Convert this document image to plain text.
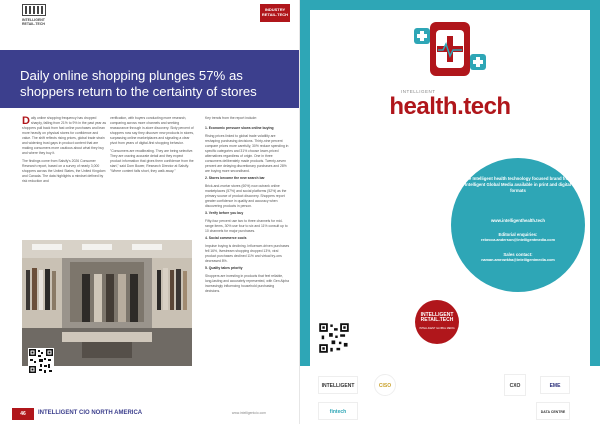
INTELLIGENT
RETAIL.TECH
INDUSTRY
RETAIL.TECH
Daily online shopping plunges 57% as shoppers return to the certainty of stores

Daily online shopping frequency has dropped sharply, falling from 21% to 9% in the past year as shoppers pull back from fast online purchases and lean more heavily on physical stores for confidence and value. The shift reflects rising prices, global trade strain and widening trust gaps in product content that are making consumers more cautious about what they buy and where they buy it.

The findings come from Salsify's 2026 Consumer Research report, based on a survey of nearly 3,000 shoppers across the United States, the United Kingdom and Canada. The data highlights a mindset defined by risk reduction and

verification, with buyers conducting more research, comparing across more channels and seeking reassurance through in-store discovery. Sixty percent of shoppers now say they discover new products in stores, surpassing online marketplaces and signaling a clear pivot from years of digital-first shopping behavior.

"Consumers are recalibrating. They are being selective. They are craving accurate detail and they expect product information that gives them confidence from the start," said Dom Bower, Research Director at Salsify. "Where content falls short, they walk away."

Key trends from the report include:

1. Economic pressure slows online buying

Rising prices linked to global trade volatility are reshaping purchasing decisions. Thirty-nine percent compare prices more carefully, 30% reduce spending in specific categories and 31% choose lower-priced alternatives regardless of origin. One in three consumers deliberately made products. Twenty-seven percent are delaying discretionary purchases and 28% are buying more secondhand.

2. Stores become the new search bar

Brick-and-mortar stores (60%) now outrank online marketplaces (57%) and social platforms (52%) as the primary source of product discovery. Shoppers report greater confidence in quality and accuracy when discovering products in person.

3. Verify before you buy

Fifty-four percent use two to three channels for mid-range items, 30% use four to six and 11% consult up to 10 channels for major purchases.

4. Social commerce cools

Impulse buying is declining. Influencer-driven purchases fell 16%, livestream shopping dropped 13%, viral product purchases declined 11% and virtual try-ons decreased 8%.

5. Quality takes priority

Shoppers are investing in products that feel reliable, long-lasting and accurately represented, with Gen Alpha increasingly influencing household purchasing decisions.

46	INTELLIGENT CIO NORTH AMERICA	www.intelligentcio.com
INTELLIGENT
health.tech
The Intelligent health technology focused brand from Intelligent Global Media available in print and digital formats
www.intelligenthealth.tech
Editorial enquiries:
rebecca.anderson@intelligentmedia.com
Sales contact:
naman.amrowkha@intelligentmedia.com
INTELLIGENT RETAIL.TECH
INTELLIGENT GLOBAL MEDIA
INTELLIGENT	CISO	CXO	EME
fintech	DATA CENTRE
